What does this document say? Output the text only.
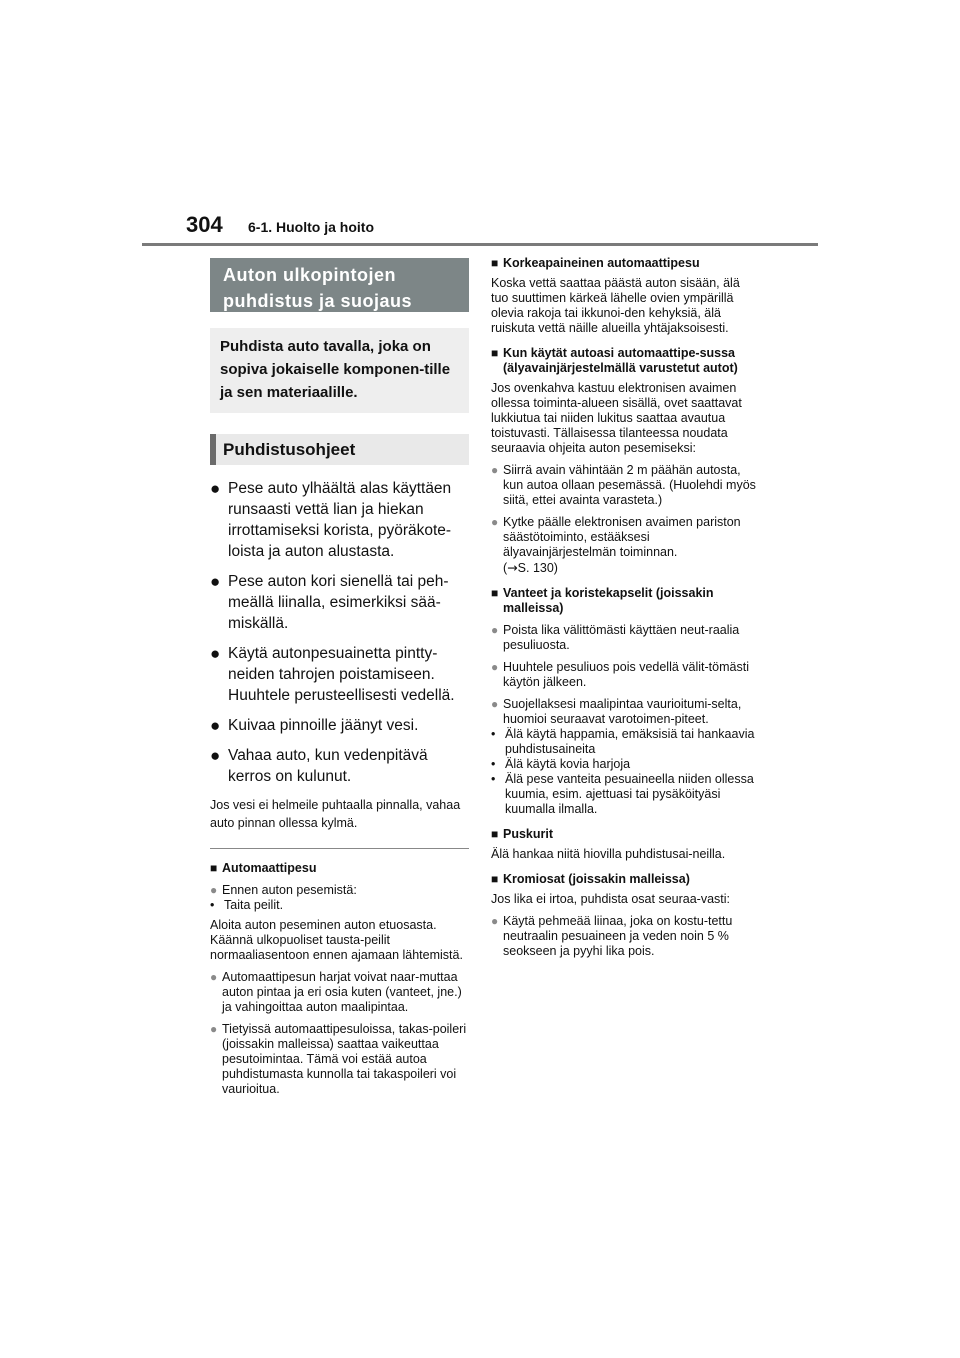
304 6-1. Huolto ja hoito
Auton ulkopintojen puhdistus ja suojaus
Puhdista auto tavalla, joka on sopiva jokaiselle komponen-tille ja sen materiaalille.
Puhdistusohjeet
● Pese auto ylhäältä alas käyttäen runsaasti vettä lian ja hiekan irrottamiseksi korista, pyöräkote-loista ja auton alustasta.
● Pese auton kori sienellä tai peh-meällä liinalla, esimerkiksi sää-miskällä.
● Käytä autonpesuainetta pintty-neiden tahrojen poistamiseen. Huuhtele perusteellisesti vedellä.
● Kuivaa pinnoille jäänyt vesi.
● Vahaa auto, kun vedenpitävä kerros on kulunut.
Jos vesi ei helmeile puhtaalla pinnalla, vahaa auto pinnan ollessa kylmä.
■ Automaattipesu
● Ennen auton pesemistä:
• Taita peilit.
Aloita auton peseminen auton etuosasta. Käännä ulkopuoliset tausta-peilit normaaliasentoon ennen ajamaan lähtemistä.
● Automaattipesun harjat voivat naar-muttaa auton pintaa ja eri osia kuten (vanteet, jne.) ja vahingoittaa auton maalipintaa.
● Tietyissä automaattipesuloissa, takas-poileri (joissakin malleissa) saattaa vaikeuttaa pesutoimintaa. Tämä voi estää autoa puhdistumasta kunnolla tai takaspoileri voi vaurioitua.
■ Korkeapaineinen automaattipesu
Koska vettä saattaa päästä auton sisään, älä tuo suuttimen kärkeä lähelle ovien ympärillä olevia rakoja tai ikkunoi-den kehyksiä, älä ruiskuta vettä näille alueilla yhtäjaksoisesti.
■ Kun käytät autoasi automaattipe-sussa (älyavainjärjestelmällä varustetut autot)
Jos ovenkahva kastuu elektronisen avaimen ollessa toiminta-alueen sisällä, ovet saattavat lukkiutua tai niiden lukitus saattaa avautua toistuvasti. Tällaisessa tilanteessa noudata seuraavia ohjeita auton pesemiseksi:
● Siirrä avain vähintään 2 m päähän autosta, kun autoa ollaan pesemässä. (Huolehdi myös siitä, ettei avainta varasteta.)
● Kytke päälle elektronisen avaimen pariston säästötoiminto, estääksesi älyavainjärjestelmän toiminnan.
(→S. 130)
■ Vanteet ja koristekapselit (joissakin malleissa)
● Poista lika välittömästi käyttäen neut-raalia pesuliuosta.
● Huuhtele pesuliuos pois vedellä välit-tömästi käytön jälkeen.
● Suojellaksesi maalipintaa vaurioitumi-selta, huomioi seuraavat varotoimen-piteet.
• Älä käytä happamia, emäksisiä tai hankaavia puhdistusaineita
• Älä käytä kovia harjoja
• Älä pese vanteita pesuaineella niiden ollessa kuumia, esim. ajettuasi tai pysäköityäsi kuumalla ilmalla.
■ Puskurit
Älä hankaa niitä hiovilla puhdistusai-neilla.
■ Kromiosat (joissakin malleissa)
Jos lika ei irtoa, puhdista osat seuraa-vasti:
● Käytä pehmeää liinaa, joka on kostu-tettu neutraalin pesuaineen ja veden noin 5 % seokseen ja pyyhi lika pois.
